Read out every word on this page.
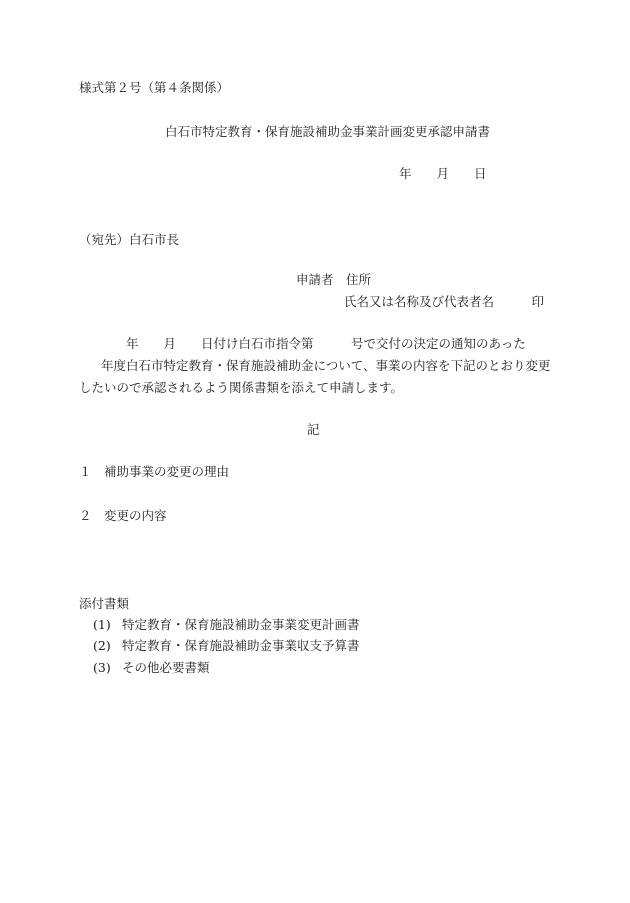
様式第２号（第４条関係）
白石市特定教育・保育施設補助金事業計画変更承認申請書
年　　月　　日
（宛先）白石市長
申請者　住所
氏名又は名称及び代表者名　　　印
年　　月　　日付け白石市指令第　　　号で交付の決定の通知のあった
年度白石市特定教育・保育施設補助金について、事業の内容を下記のとおり変更
したいので承認されるよう関係書類を添えて申請します。
記
１ 補助事業の変更の理由
２ 変更の内容
添付書類
(1) 特定教育・保育施設補助金事業変更計画書
(2) 特定教育・保育施設補助金事業収支予算書
(3) その他必要書類
